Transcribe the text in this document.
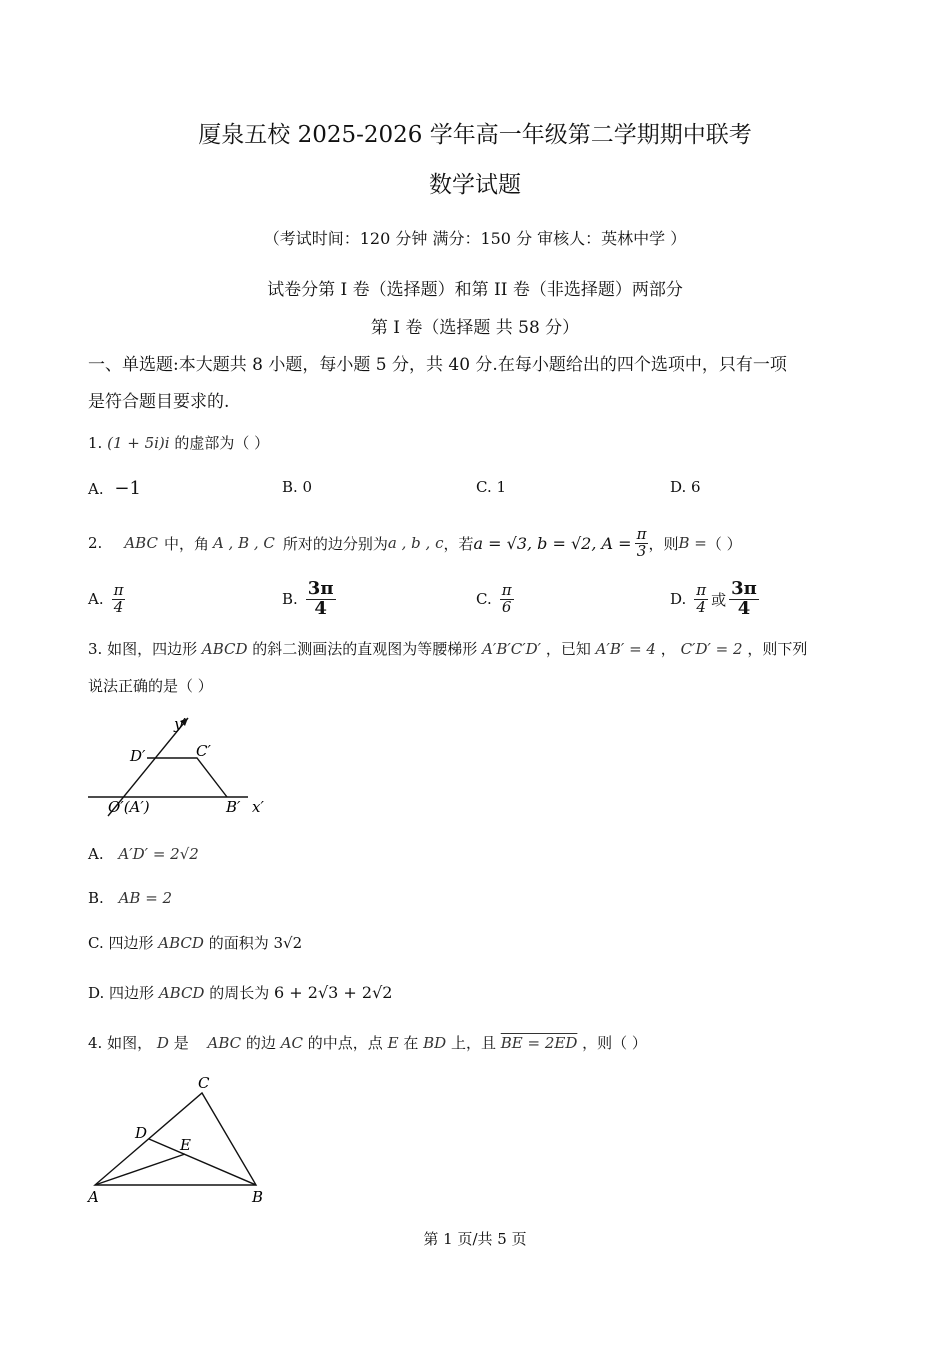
厦泉五校 2025-2026 学年高一年级第二学期期中联考
数学试题
（考试时间：120 分钟 满分：150 分 审核人：英林中学 ）
试卷分第 I 卷（选择题）和第 II 卷（非选择题）两部分
第 I 卷（选择题 共 58 分）
一、单选题:本大题共 8 小题，每小题 5 分，共 40 分.在每小题给出的四个选项中，只有一项
是符合题目要求的.
1. (1 + 5i)i 的虚部为（ ）
A. −1	B. 0	C. 1	D. 6
2. ABC 中，角 A , B , C 所对的边分别为 a , b , c ，若 a = √3, b = √2, $A = \frac{\pi}{3}$ ，则 B = （ ）
A. $\frac{\pi}{4}$	B. $\frac{3\pi}{4}$	C. $\frac{\pi}{6}$	D. $\frac{\pi}{4}$ 或 $\frac{3\pi}{4}$
3. 如图，四边形 ABCD 的斜二测画法的直观图为等腰梯形 A′B′C′D′ ，已知 A′B′ = 4 ， C′D′ = 2 ，则下列
说法正确的是（ ）
y′
x′
D′	C′
O′(A′)	B′
A. A′D′ = 2√2
B. AB = 2
C. 四边形 ABCD 的面积为 3√2
D. 四边形 ABCD 的周长为 6 + 2√3 + 2√2
4. 如图， D 是 ABC 的边 AC 的中点，点 E 在 BD 上，且 BE = 2ED ，则（ ）
C
D
E
A	B
第 1 页/共 5 页
